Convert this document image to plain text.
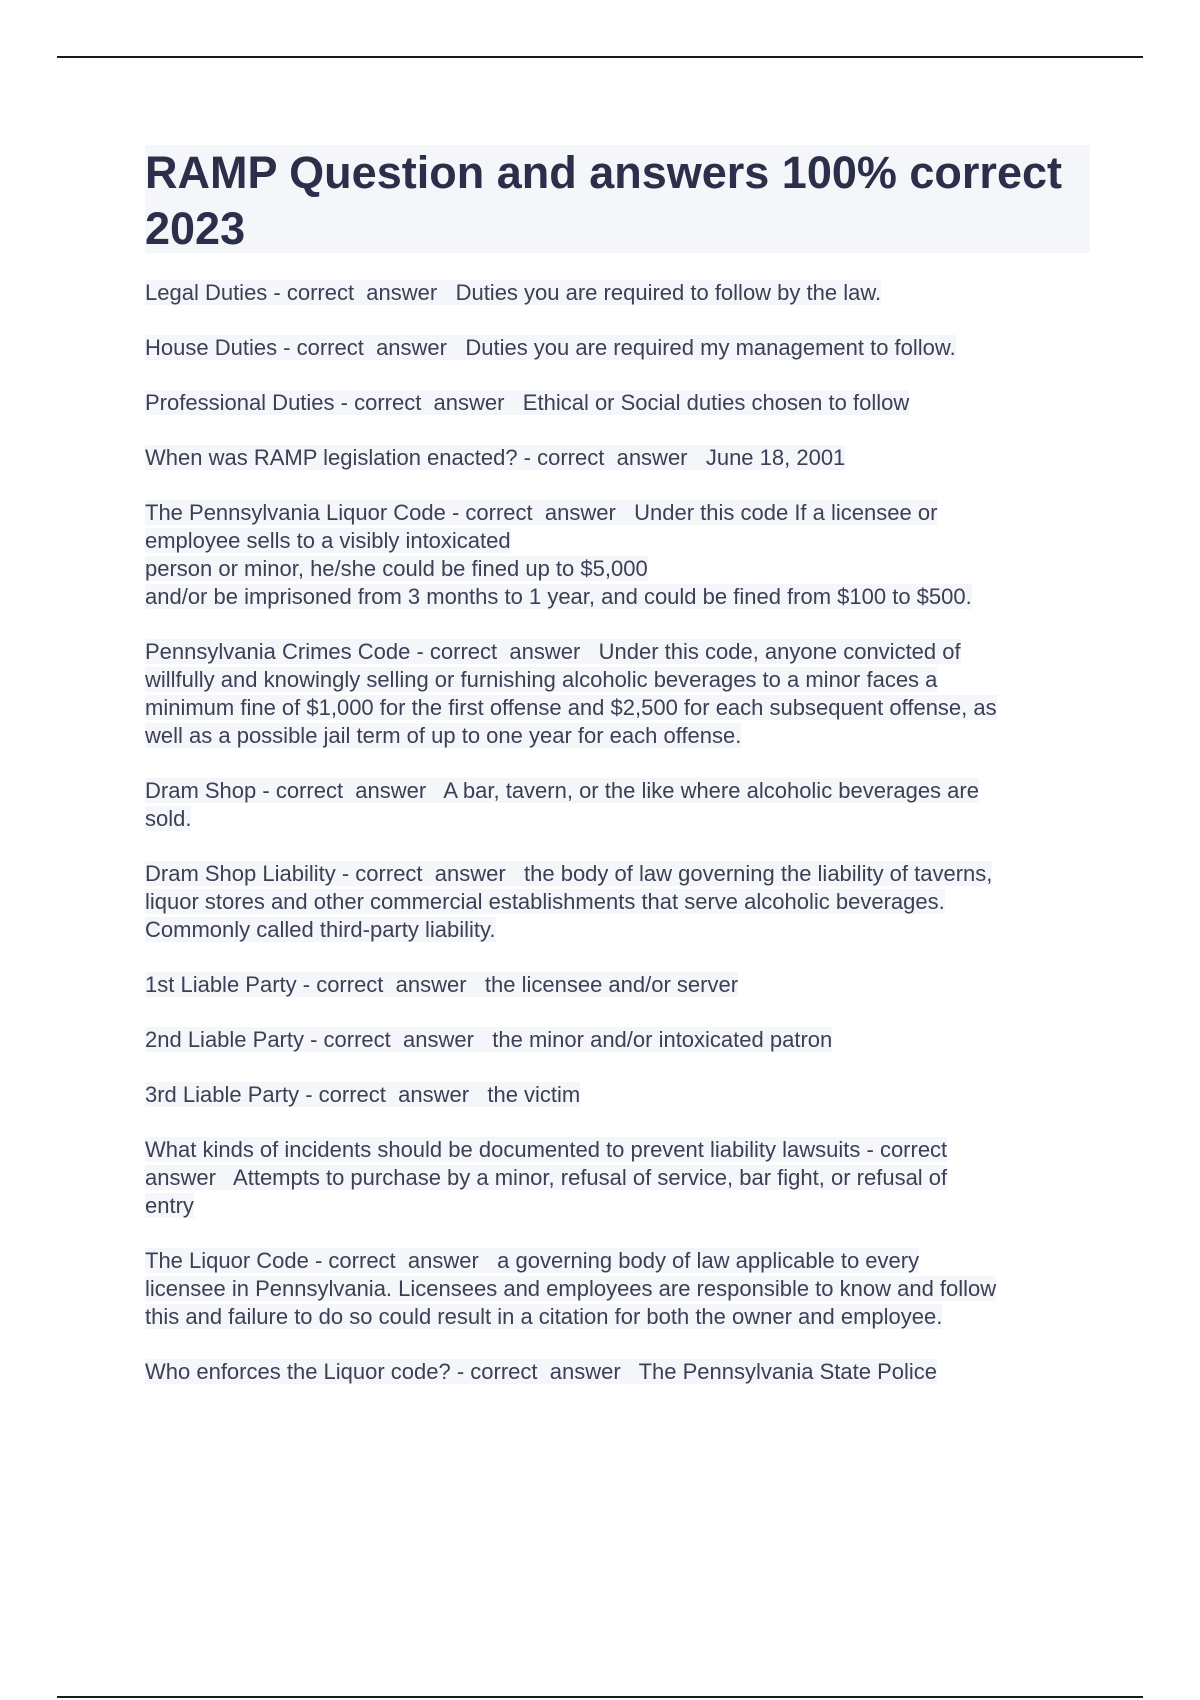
RAMP Question and answers 100% correct 2023

Legal Duties - correct  answer   Duties you are required to follow by the law.

House Duties - correct  answer   Duties you are required my management to follow.

Professional Duties - correct  answer   Ethical or Social duties chosen to follow

When was RAMP legislation enacted? - correct  answer   June 18, 2001

The Pennsylvania Liquor Code - correct  answer   Under this code If a licensee or
employee sells to a visibly intoxicated
person or minor, he/she could be fined up to $5,000
and/or be imprisoned from 3 months to 1 year, and could be fined from $100 to $500.

Pennsylvania Crimes Code - correct  answer   Under this code, anyone convicted of
willfully and knowingly selling or furnishing alcoholic beverages to a minor faces a
minimum fine of $1,000 for the first offense and $2,500 for each subsequent offense, as
well as a possible jail term of up to one year for each offense.

Dram Shop - correct  answer   A bar, tavern, or the like where alcoholic beverages are
sold.

Dram Shop Liability - correct  answer   the body of law governing the liability of taverns,
liquor stores and other commercial establishments that serve alcoholic beverages.
Commonly called third-party liability.

1st Liable Party - correct  answer   the licensee and/or server

2nd Liable Party - correct  answer   the minor and/or intoxicated patron

3rd Liable Party - correct  answer   the victim

What kinds of incidents should be documented to prevent liability lawsuits - correct
answer   Attempts to purchase by a minor, refusal of service, bar fight, or refusal of
entry

The Liquor Code - correct  answer   a governing body of law applicable to every
licensee in Pennsylvania. Licensees and employees are responsible to know and follow
this and failure to do so could result in a citation for both the owner and employee.

Who enforces the Liquor code? - correct  answer   The Pennsylvania State Police
